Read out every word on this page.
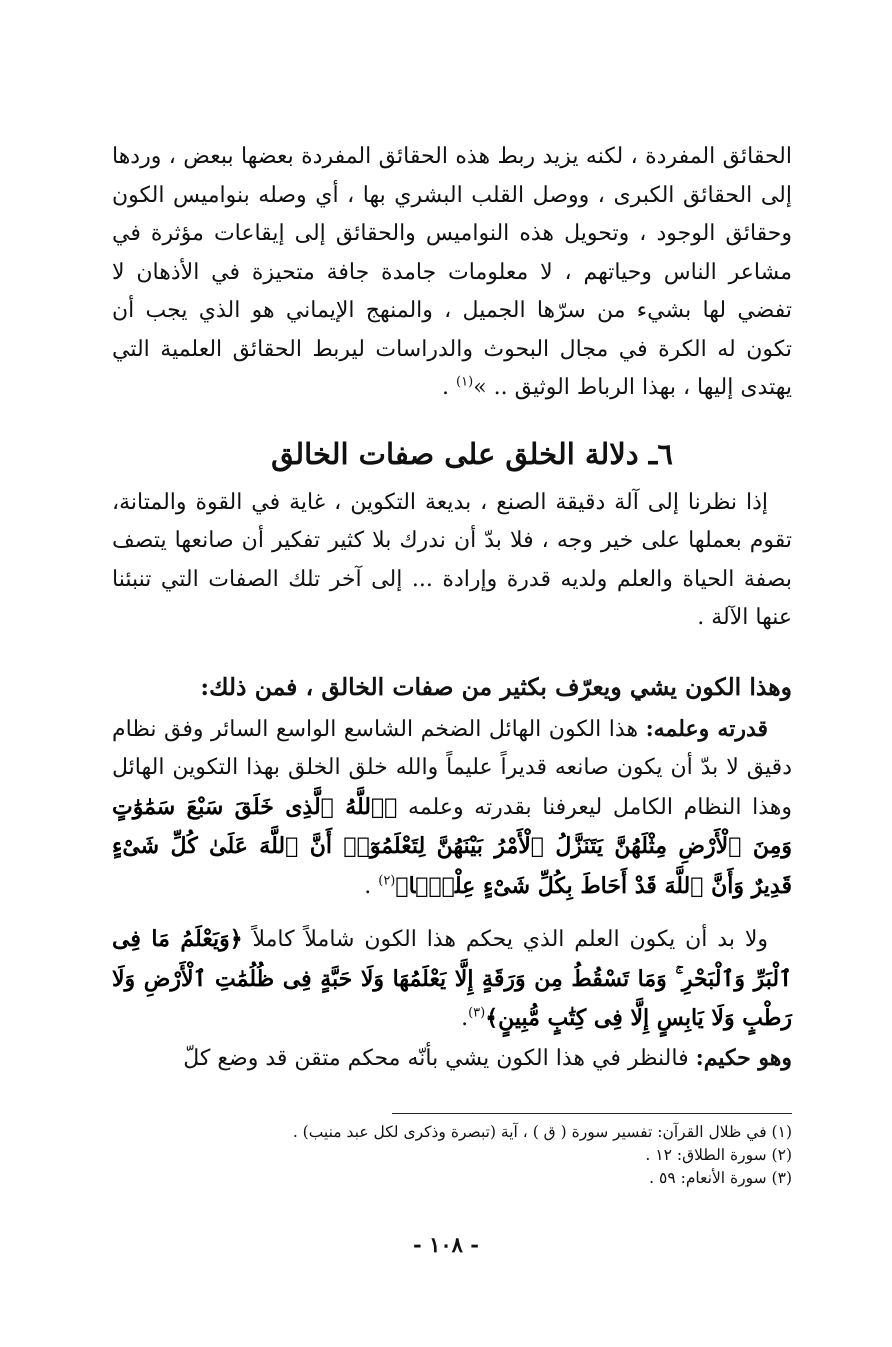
الحقائق المفردة ، لكنه يزيد ربط هذه الحقائق المفردة بعضها ببعض ، وردها إلى الحقائق الكبرى ، ووصل القلب البشري بها ، أي وصله بنواميس الكون وحقائق الوجود ، وتحويل هذه النواميس والحقائق إلى إيقاعات مؤثرة في مشاعر الناس وحياتهم ، لا معلومات جامدة جافة متحيزة في الأذهان لا تفضي لها بشيء من سرّها الجميل ، والمنهج الإيماني هو الذي يجب أن تكون له الكرة في مجال البحوث والدراسات ليربط الحقائق العلمية التي يهتدى إليها ، بهذا الرباط الوثيق .. »$^{(١)}$ .

٦ـ دلالة الخلق على صفات الخالق

إذا نظرنا إلى آلة دقيقة الصنع ، بديعة التكوين ، غاية في القوة والمتانة، تقوم بعملها على خير وجه ، فلا بدّ أن ندرك بلا كثير تفكير أن صانعها يتصف بصفة الحياة والعلم ولديه قدرة وإرادة ... إلى آخر تلك الصفات التي تنبئنا عنها الآلة .

وهذا الكون يشي ويعرّف بكثير من صفات الخالق ، فمن ذلك:

قدرته وعلمه: هذا الكون الهائل الضخم الشاسع الواسع السائر وفق نظام دقيق لا بدّ أن يكون صانعه قديراً عليماً والله خلق الخلق بهذا التكوين الهائل وهذا النظام الكامل ليعرفنا بقدرته وعلمه ﴿ٱللَّهُ ٱلَّذِى خَلَقَ سَبْعَ سَمَٰوَٰتٍ وَمِنَ ٱلْأَرْضِ مِثْلَهُنَّ يَتَنَزَّلُ ٱلْأَمْرُ بَيْنَهُنَّ لِتَعْلَمُوٓا۟ أَنَّ ٱللَّهَ عَلَىٰ كُلِّ شَىْءٍ قَدِيرٌ وَأَنَّ ٱللَّهَ قَدْ أَحَاطَ بِكُلِّ شَىْءٍ عِلْمًۢا﴾$^{(٢)}$ .

ولا بد أن يكون العلم الذي يحكم هذا الكون شاملاً كاملاً ﴿وَيَعْلَمُ مَا فِى ٱلْبَرِّ وَٱلْبَحْرِ ۚ وَمَا تَسْقُطُ مِن وَرَقَةٍ إِلَّا يَعْلَمُهَا وَلَا حَبَّةٍ فِى ظُلُمَٰتِ ٱلْأَرْضِ وَلَا رَطْبٍ وَلَا يَابِسٍ إِلَّا فِى كِتَٰبٍ مُّبِينٍ﴾$^{(٣)}$.

وهو حكيم: فالنظر في هذا الكون يشي بأنّه محكم متقن قد وضع كلّ

(١) في ظلال القرآن: تفسير سورة ( ق ) ، آية (تبصرة وذكرى لكل عبد منيب) .

(٢) سورة الطلاق: ١٢ .

(٣) سورة الأنعام: ٥٩ .

- ١٠٨ -
